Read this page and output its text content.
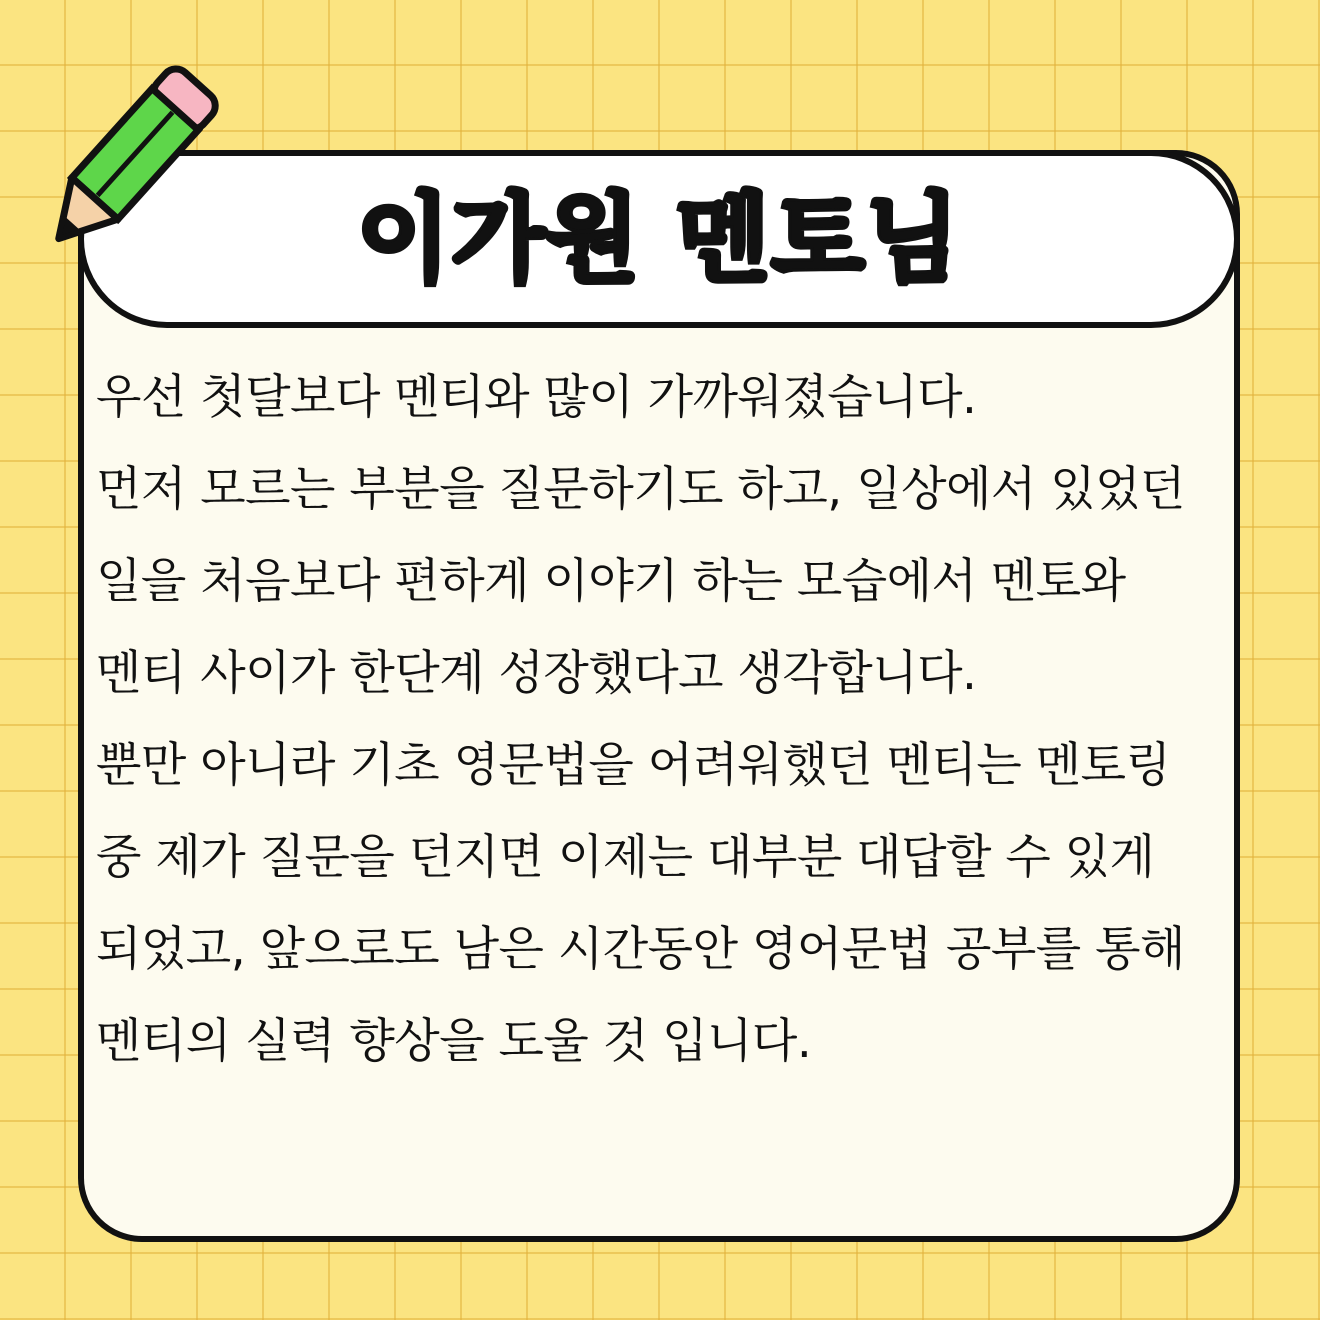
이가원 멘토님
우선 첫달보다 멘티와 많이 가까워졌습니다.
먼저 모르는 부분을 질문하기도 하고, 일상에서 있었던
일을 처음보다 편하게 이야기 하는 모습에서 멘토와
멘티 사이가 한단계 성장했다고 생각합니다.
뿐만 아니라 기초 영문법을 어려워했던 멘티는 멘토링
중 제가 질문을 던지면 이제는 대부분 대답할 수 있게
되었고, 앞으로도 남은 시간동안 영어문법 공부를 통해
멘티의 실력 향상을 도울 것 입니다.
